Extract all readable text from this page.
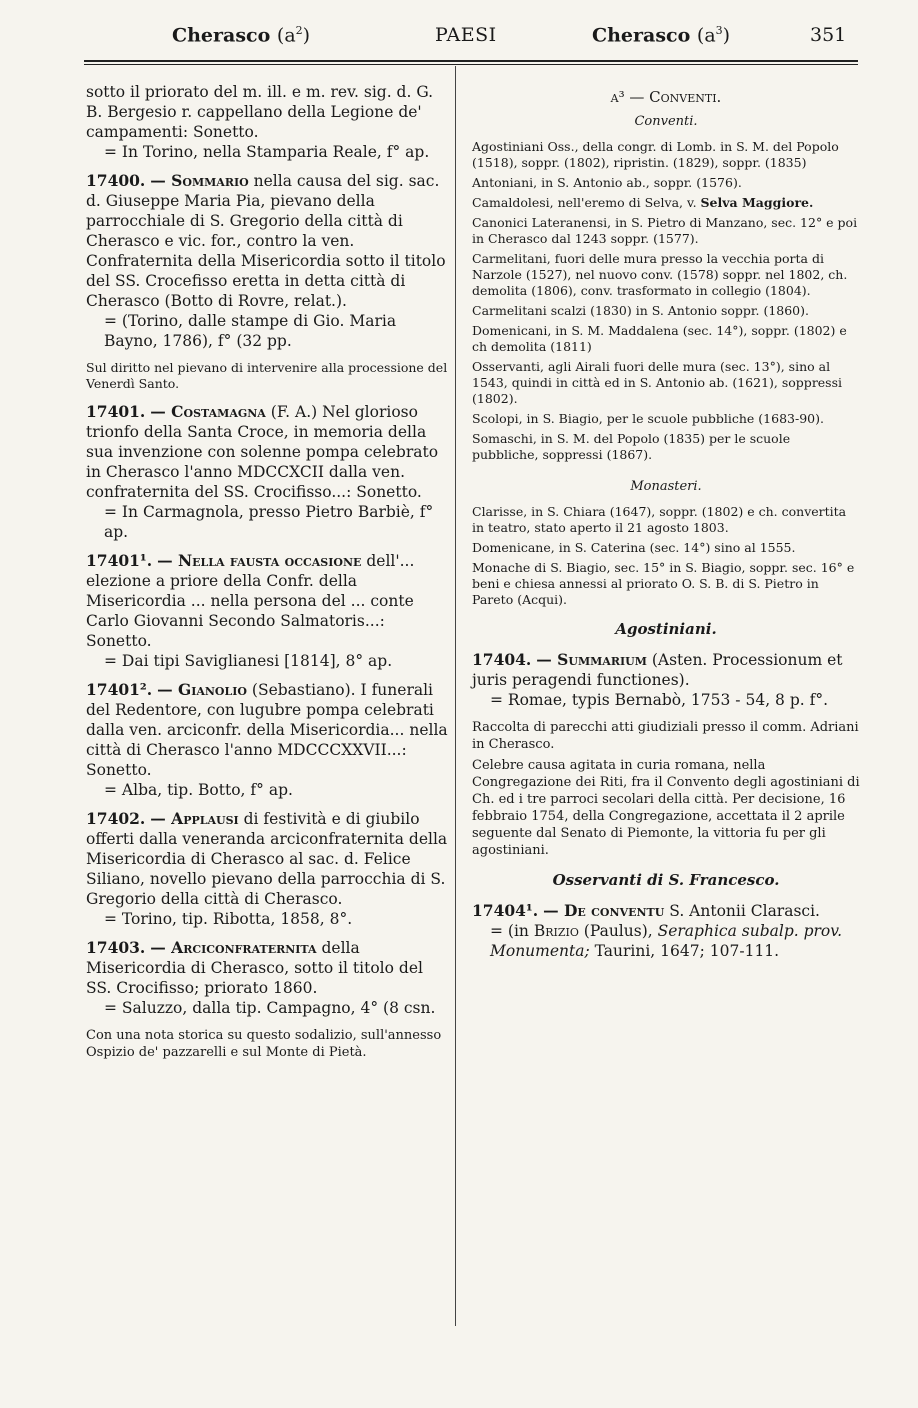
Cherasco $(a^2)$	PAESI	Cherasco $(a^3)$	351

sotto il priorato del m. ill. e m. rev. sig. d. G. B. Bergesio r. cappellano della Legione de' campamenti: Sonetto.

= In Torino, nella Stamparia Reale, f° ap.

17400. — Sommario nella causa del sig. sac. d. Giuseppe Maria Pia, pievano della parrocchiale di S. Gregorio della città di Cherasco e vic. for., contro la ven. Confraternita della Misericordia sotto il titolo del SS. Crocefisso eretta in detta città di Cherasco (Botto di Rovre, relat.).

= (Torino, dalle stampe di Gio. Maria Bayno, 1786), f° (32 pp.

Sul diritto nel pievano di intervenire alla processione del Venerdì Santo.

17401. — Costamagna (F. A.) Nel glorioso trionfo della Santa Croce, in memoria della sua invenzione con solenne pompa celebrato in Cherasco l'anno MDCCXCII dalla ven. confraternita del SS. Crocifisso...: Sonetto.

= In Carmagnola, presso Pietro Barbiè, f° ap.

17401¹. — Nella fausta occasione dell'... elezione a priore della Confr. della Misericordia ... nella persona del ... conte Carlo Giovanni Secondo Salmatoris...: Sonetto.

= Dai tipi Saviglianesi [1814], 8° ap.

17401². — Gianolio (Sebastiano). I funerali del Redentore, con lugubre pompa celebrati dalla ven. arciconfr. della Misericordia... nella città di Cherasco l'anno MDCCCXXVII...: Sonetto.

= Alba, tip. Botto, f° ap.

17402. — Applausi di festività e di giubilo offerti dalla veneranda arciconfraternita della Misericordia di Cherasco al sac. d. Felice Siliano, novello pievano della parrocchia di S. Gregorio della città di Cherasco.

= Torino, tip. Ribotta, 1858, 8°.

17403. — Arciconfraternita della Misericordia di Cherasco, sotto il titolo del SS. Crocifisso; priorato 1860.

= Saluzzo, dalla tip. Campagno, 4° (8 csn.

Con una nota storica su questo sodalizio, sull'annesso Ospizio de' pazzarelli e sul Monte di Pietà.

a³ — Conventi.
Conventi.

Agostiniani Oss., della congr. di Lomb. in S. M. del Popolo (1518), soppr. (1802), ripristin. (1829), soppr. (1835)

Antoniani, in S. Antonio ab., soppr. (1576).

Camaldolesi, nell'eremo di Selva, v. Selva Maggiore.

Canonici Lateranensi, in S. Pietro di Manzano, sec. 12° e poi in Cherasco dal 1243 soppr. (1577).

Carmelitani, fuori delle mura presso la vecchia porta di Narzole (1527), nel nuovo conv. (1578) soppr. nel 1802, ch. demolita (1806), conv. trasformato in collegio (1804).

Carmelitani scalzi (1830) in S. Antonio soppr. (1860).

Domenicani, in S. M. Maddalena (sec. 14°), soppr. (1802) e ch demolita (1811)

Osservanti, agli Airali fuori delle mura (sec. 13°), sino al 1543, quindi in città ed in S. Antonio ab. (1621), soppressi (1802).

Scolopi, in S. Biagio, per le scuole pubbliche (1683-90).

Somaschi, in S. M. del Popolo (1835) per le scuole pubbliche, soppressi (1867).

Monasteri.

Clarisse, in S. Chiara (1647), soppr. (1802) e ch. convertita in teatro, stato aperto il 21 agosto 1803.

Domenicane, in S. Caterina (sec. 14°) sino al 1555.

Monache di S. Biagio, sec. 15° in S. Biagio, soppr. sec. 16° e beni e chiesa annessi al priorato O. S. B. di S. Pietro in Pareto (Acqui).

Agostiniani.

17404. — Summarium (Asten. Processionum et juris peragendi functiones).

= Romae, typis Bernabò, 1753 - 54, 8 p. f°.

Raccolta di parecchi atti giudiziali presso il comm. Adriani in Cherasco.

Celebre causa agitata in curia romana, nella Congregazione dei Riti, fra il Convento degli agostiniani di Ch. ed i tre parroci secolari della città. Per decisione, 16 febbraio 1754, della Congregazione, accettata il 2 aprile seguente dal Senato di Piemonte, la vittoria fu per gli agostiniani.

Osservanti di S. Francesco.

17404¹. — De conventu S. Antonii Clarasci.

= (in Brizio (Paulus), Seraphica subalp. prov. Monumenta; Taurini, 1647; 107-111.
